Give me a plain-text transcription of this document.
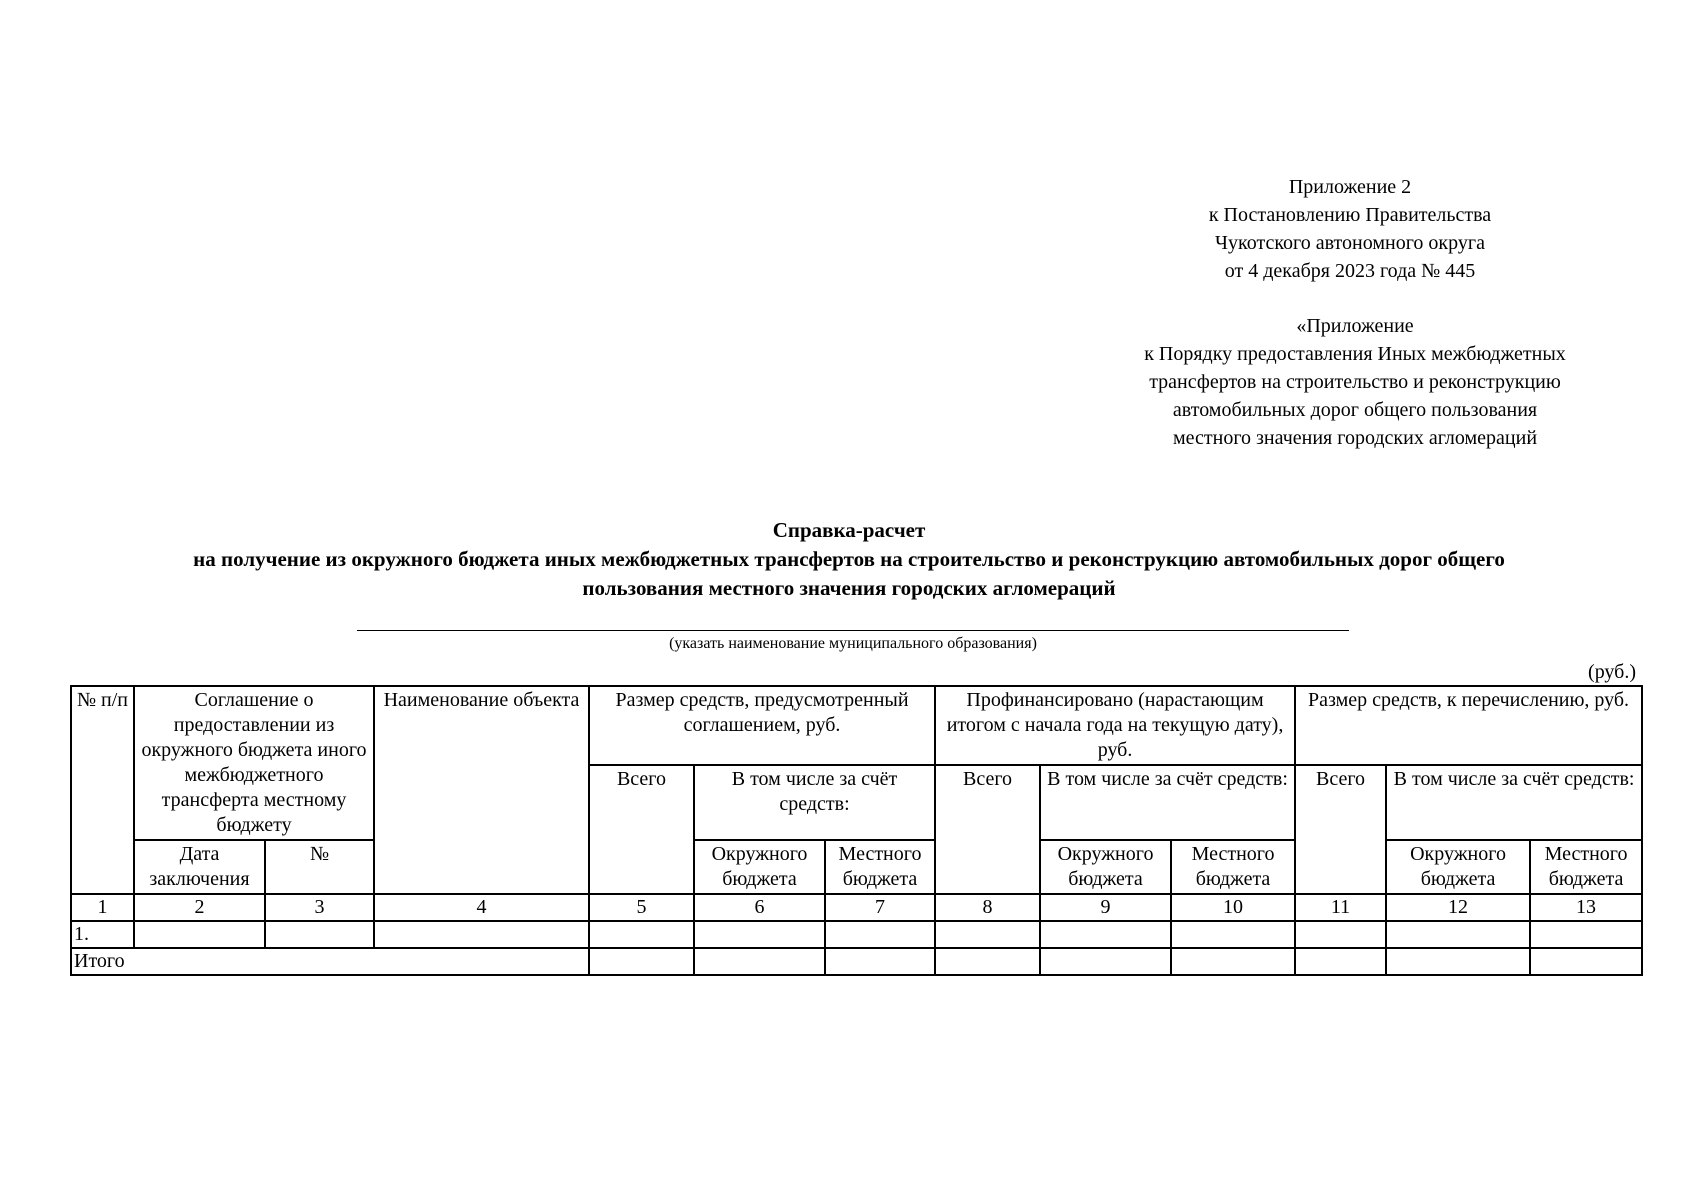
Приложение 2
к Постановлению Правительства
Чукотского автономного округа
от 4 декабря 2023 года № 445
«Приложение
к Порядку предоставления Иных межбюджетных
трансфертов на строительство и реконструкцию
автомобильных дорог общего пользования
местного значения городских агломераций
Справка-расчет
на получение из окружного бюджета иных межбюджетных трансфертов на строительство и реконструкцию автомобильных дорог общего
пользования местного значения городских агломераций
(указать наименование муниципального образования)
(руб.)
№ п/п	Соглашение о предоставлении из окружного бюджета иного межбюджетного трансферта местному бюджету		Наименование объекта	Размер средств, предусмотренный соглашением, руб.			Профинансировано (нарастающим итогом с начала года на текущую дату), руб.			Размер средств, к перечислению, руб.		
				Всего	В том числе за счёт средств:		Всего	В том числе за счёт средств:		Всего	В том числе за счёт средств:	
	Дата заключения	№			Окружного бюджета	Местного бюджета		Окружного бюджета	Местного бюджета		Окружного бюджета	Местного бюджета
1	2	3	4	5	6	7	8	9	10	11	12	13
1.												
Итого												
